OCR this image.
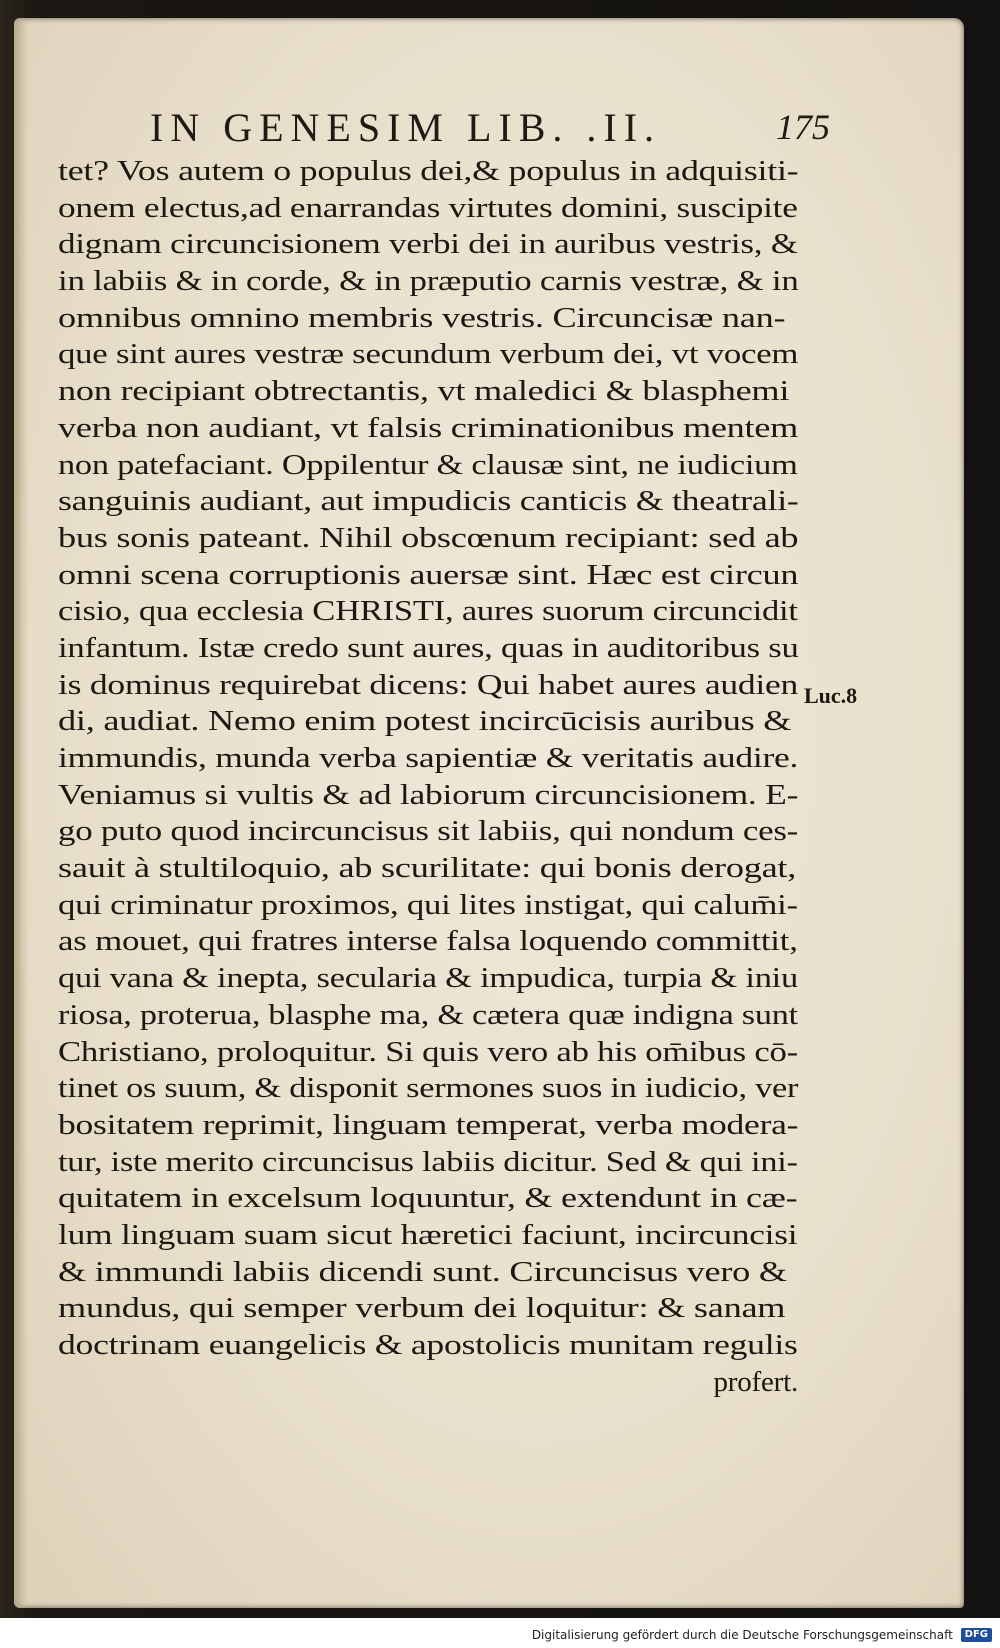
IN GENESIM LIB. .II.	175
tet? Vos autem o populus dei,& populus in adquisiti-
onem electus,ad enarrandas virtutes domini, suscipite
dignam circuncisionem verbi dei in auribus vestris, &
in labiis & in corde, & in præputio carnis vestræ, & in
omnibus omnino membris vestris. Circuncisæ nan-
que sint aures vestræ secundum verbum dei, vt vocem
non recipiant obtrectantis, vt maledici & blasphemi
verba non audiant, vt falsis criminationibus mentem
non patefaciant. Oppilentur & clausæ sint, ne iudicium
sanguinis audiant, aut impudicis canticis & theatrali-
bus sonis pateant. Nihil obscœnum recipiant: sed ab
omni scena corruptionis auersæ sint. Hæc est circun
cisio, qua ecclesia CHRISTI, aures suorum circuncidit
infantum. Istæ credo sunt aures, quas in auditoribus su
is dominus requirebat dicens: Qui habet aures audien
di, audiat. Nemo enim potest incircūcisis auribus &
immundis, munda verba sapientiæ & veritatis audire.
Veniamus si vultis & ad labiorum circuncisionem. E-
go puto quod incircuncisus sit labiis, qui nondum ces-
sauit à stultiloquio, ab scurilitate: qui bonis derogat,
qui criminatur proximos, qui lites instigat, qui calum̄i-
as mouet, qui fratres interse falsa loquendo committit,
qui vana & inepta, secularia & impudica, turpia & iniu
riosa, proterua, blasphe ma, & cætera quæ indigna sunt
Christiano, proloquitur. Si quis vero ab his om̄ibus cō-
tinet os suum, & disponit sermones suos in iudicio, ver
bositatem reprimit, linguam temperat, verba modera-
tur, iste merito circuncisus labiis dicitur. Sed & qui ini-
quitatem in excelsum loquuntur, & extendunt in cæ-
lum linguam suam sicut hæretici faciunt, incircuncisi
& immundi labiis dicendi sunt. Circuncisus vero &
mundus, qui semper verbum dei loquitur: & sanam
doctrinam euangelicis & apostolicis munitam regulis
profert.
Luc.8
Digitalisierung gefördert durch die Deutsche Forschungsgemeinschaft DFG
